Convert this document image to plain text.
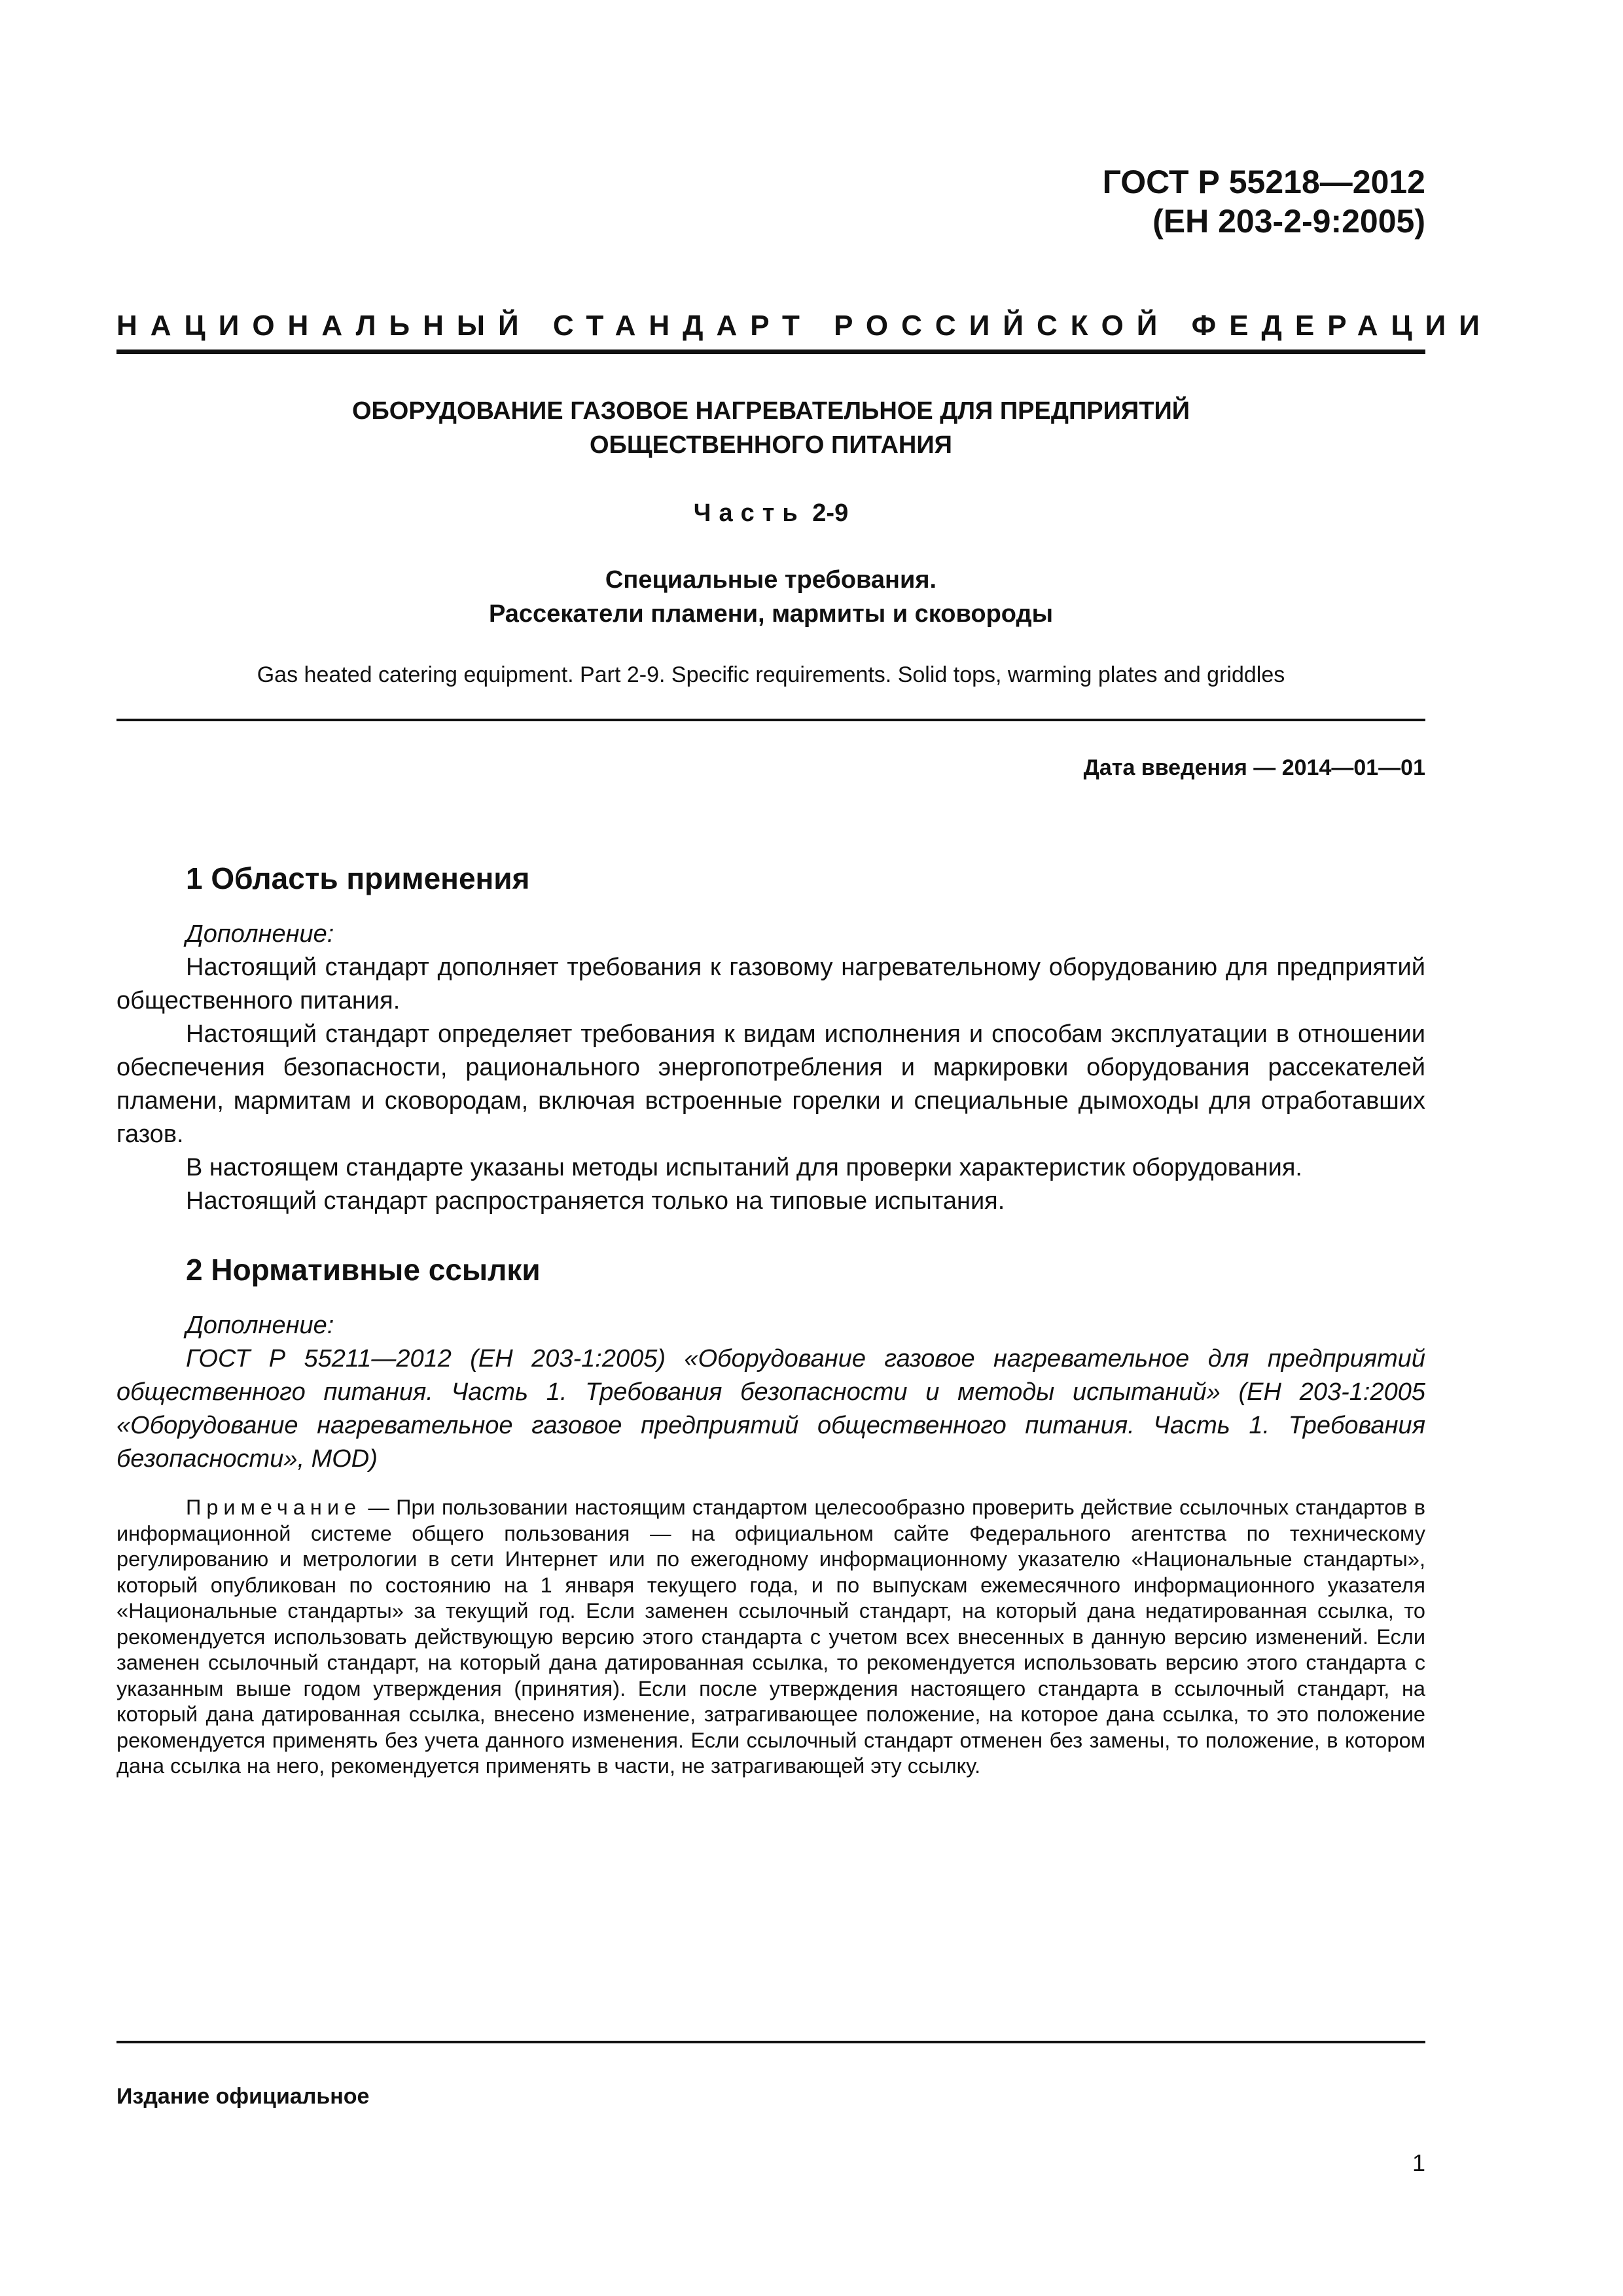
ГОСТ Р 55218—2012
(ЕН 203-2-9:2005)
НАЦИОНАЛЬНЫЙ СТАНДАРТ РОССИЙСКОЙ ФЕДЕРАЦИИ
ОБОРУДОВАНИЕ ГАЗОВОЕ НАГРЕВАТЕЛЬНОЕ ДЛЯ ПРЕДПРИЯТИЙ
ОБЩЕСТВЕННОГО ПИТАНИЯ
Часть 2-9
Специальные требования.
Рассекатели пламени, мармиты и сковороды
Gas heated catering equipment. Part 2-9. Specific requirements. Solid tops, warming plates and griddles
Дата введения — 2014—01—01
1 Область применения

Дополнение:

Настоящий стандарт дополняет требования к газовому нагревательному оборудованию для предприятий общественного питания.

Настоящий стандарт определяет требования к видам исполнения и способам эксплуатации в отношении обеспечения безопасности, рационального энергопотребления и маркировки оборудования рассекателей пламени, мармитам и сковородам, включая встроенные горелки и специальные дымоходы для отработавших газов.

В настоящем стандарте указаны методы испытаний для проверки характеристик оборудования.

Настоящий стандарт распространяется только на типовые испытания.

2 Нормативные ссылки

Дополнение:

ГОСТ Р 55211—2012 (ЕН 203-1:2005) «Оборудование газовое нагревательное для предприятий общественного питания. Часть 1. Требования безопасности и методы испытаний» (ЕН 203-1:2005 «Оборудование нагревательное газовое предприятий общественного питания. Часть 1. Требования безопасности», MOD)

Примечание — При пользовании настоящим стандартом целесообразно проверить действие ссылочных стандартов в информационной системе общего пользования — на официальном сайте Федерального агентства по техническому регулированию и метрологии в сети Интернет или по ежегодному информационному указателю «Национальные стандарты», который опубликован по состоянию на 1 января текущего года, и по выпускам ежемесячного информационного указателя «Национальные стандарты» за текущий год. Если заменен ссылочный стандарт, на который дана недатированная ссылка, то рекомендуется использовать действующую версию этого стандарта с учетом всех внесенных в данную версию изменений. Если заменен ссылочный стандарт, на который дана датированная ссылка, то рекомендуется использовать версию этого стандарта с указанным выше годом утверждения (принятия). Если после утверждения настоящего стандарта в ссылочный стандарт, на который дана датированная ссылка, внесено изменение, затрагивающее положение, на которое дана ссылка, то это положение рекомендуется применять без учета данного изменения. Если ссылочный стандарт отменен без замены, то положение, в котором дана ссылка на него, рекомендуется применять в части, не затрагивающей эту ссылку.

Издание официальное
1
